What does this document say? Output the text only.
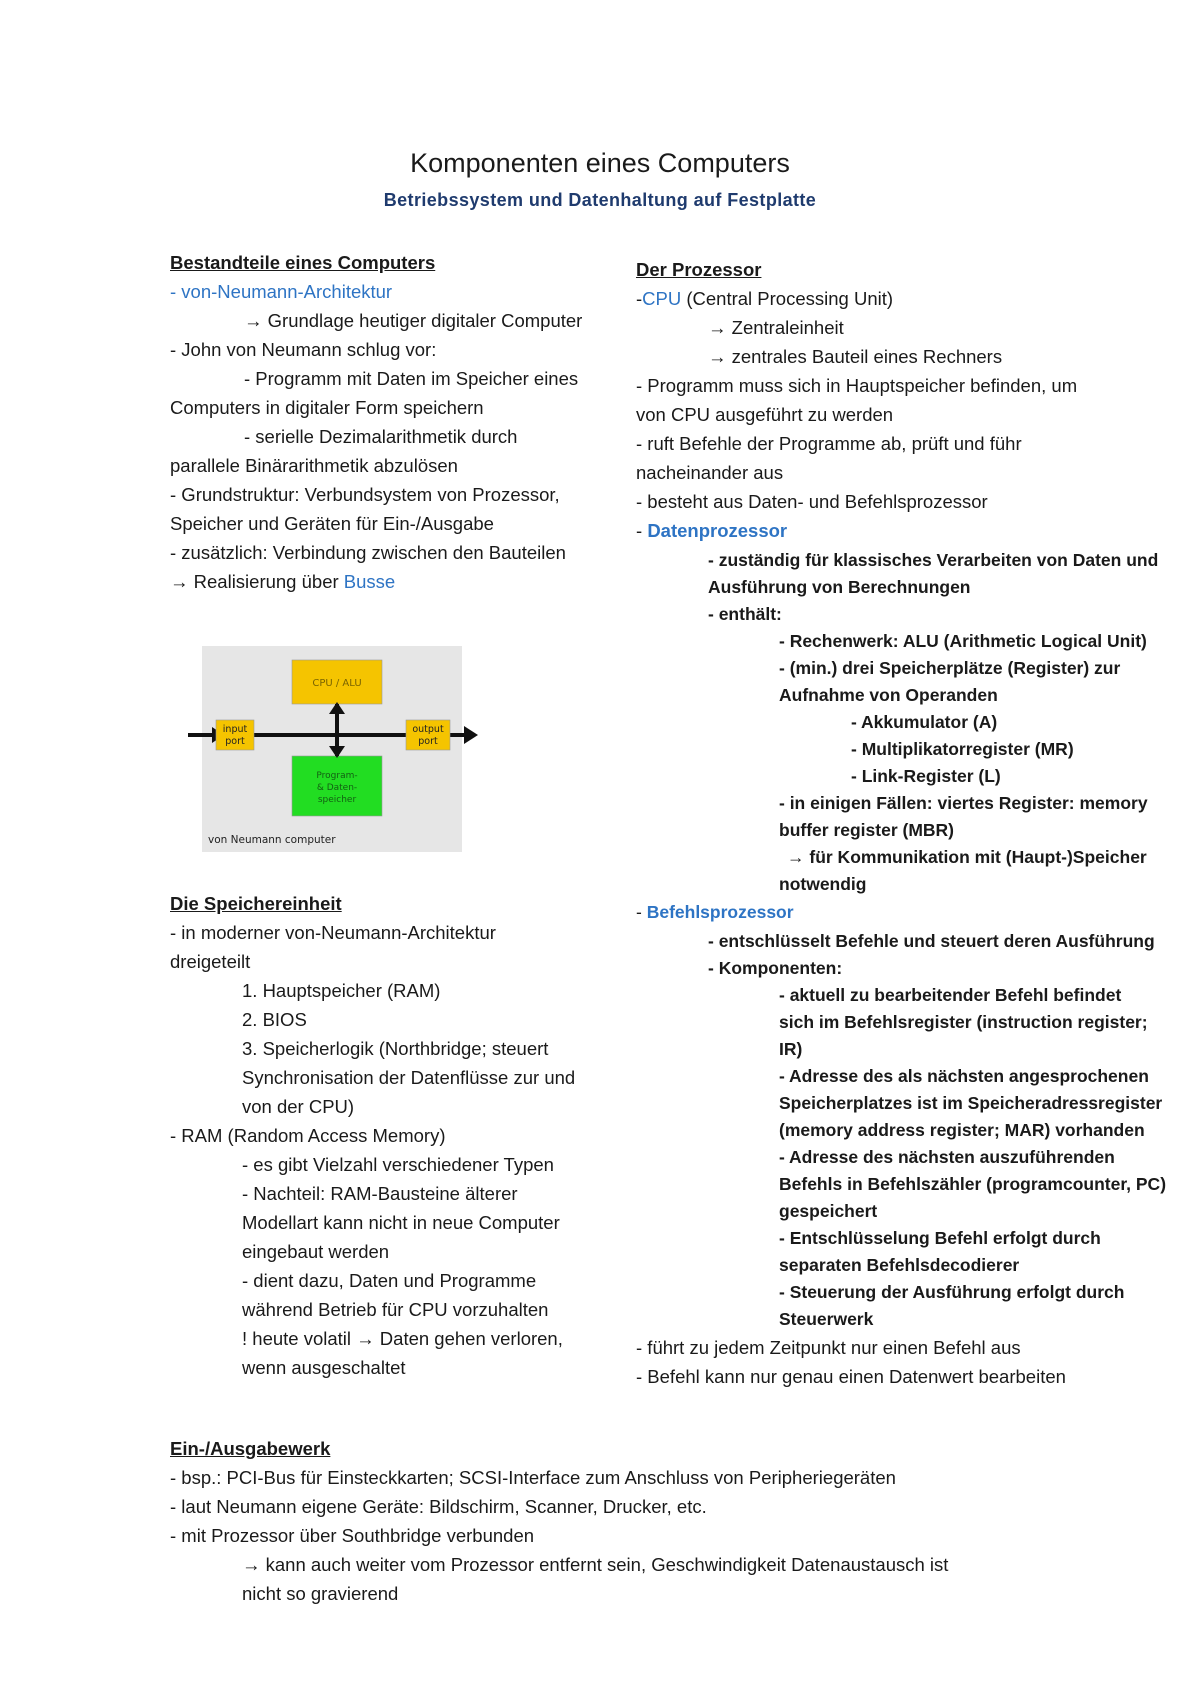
Komponenten eines Computers
Betriebssystem und Datenhaltung auf Festplatte
Bestandteile eines Computers
- von-Neumann-Architektur
→ Grundlage heutiger digitaler Computer
- John von Neumann schlug vor:
- Programm mit Daten im Speicher eines
Computers in digitaler Form speichern
- serielle Dezimalarithmetik durch
parallele Binärarithmetik abzulösen
- Grundstruktur: Verbundsystem von Prozessor,
Speicher und Geräten für Ein-/Ausgabe
- zusätzlich: Verbindung zwischen den Bauteilen
→ Realisierung über Busse
Die Speichereinheit
- in moderner von-Neumann-Architektur
dreigeteilt
1. Hauptspeicher (RAM)
2. BIOS
3. Speicherlogik (Northbridge; steuert
Synchronisation der Datenflüsse zur und
von der CPU)
- RAM (Random Access Memory)
- es gibt Vielzahl verschiedener Typen
- Nachteil: RAM-Bausteine älterer
Modellart kann nicht in neue Computer
eingebaut werden
- dient dazu, Daten und Programme
während Betrieb für CPU vorzuhalten
! heute volatil → Daten gehen verloren,
wenn ausgeschaltet
Der Prozessor
-CPU (Central Processing Unit)
→ Zentraleinheit
→ zentrales Bauteil eines Rechners
- Programm muss sich in Hauptspeicher befinden, um
von CPU ausgeführt zu werden
- ruft Befehle der Programme ab, prüft und führ
nacheinander aus
- besteht aus Daten- und Befehlsprozessor
- Datenprozessor
- zuständig für klassisches Verarbeiten von Daten und
Ausführung von Berechnungen
- enthält:
- Rechenwerk: ALU (Arithmetic Logical Unit)
- (min.) drei Speicherplätze (Register) zur
Aufnahme von Operanden
- Akkumulator (A)
- Multiplikatorregister (MR)
- Link-Register (L)
- in einigen Fällen: viertes Register: memory
buffer register (MBR)
→ für Kommunikation mit (Haupt-)Speicher
notwendig
- Befehlsprozessor
- entschlüsselt Befehle und steuert deren Ausführung
- Komponenten:
- aktuell zu bearbeitender Befehl befindet
sich im Befehlsregister (instruction register;
IR)
- Adresse des als nächsten angesprochenen
Speicherplatzes ist im Speicheradressregister
(memory address register; MAR) vorhanden
- Adresse des nächsten auszuführenden
Befehls in Befehlszähler (programcounter, PC)
gespeichert
- Entschlüsselung Befehl erfolgt durch
separaten Befehlsdecodierer
- Steuerung der Ausführung erfolgt durch
Steuerwerk
- führt zu jedem Zeitpunkt nur einen Befehl aus
- Befehl kann nur genau einen Datenwert bearbeiten
Ein-/Ausgabewerk
- bsp.: PCI-Bus für Einsteckkarten; SCSI-Interface zum Anschluss von Peripheriegeräten
- laut Neumann eigene Geräte: Bildschirm, Scanner, Drucker, etc.
- mit Prozessor über Southbridge verbunden
→ kann auch weiter vom Prozessor entfernt sein, Geschwindigkeit Datenaustausch ist
nicht so gravierend
CPU / ALU
Program-
& Daten-
speicher
input
port
output
port
von Neumann computer
